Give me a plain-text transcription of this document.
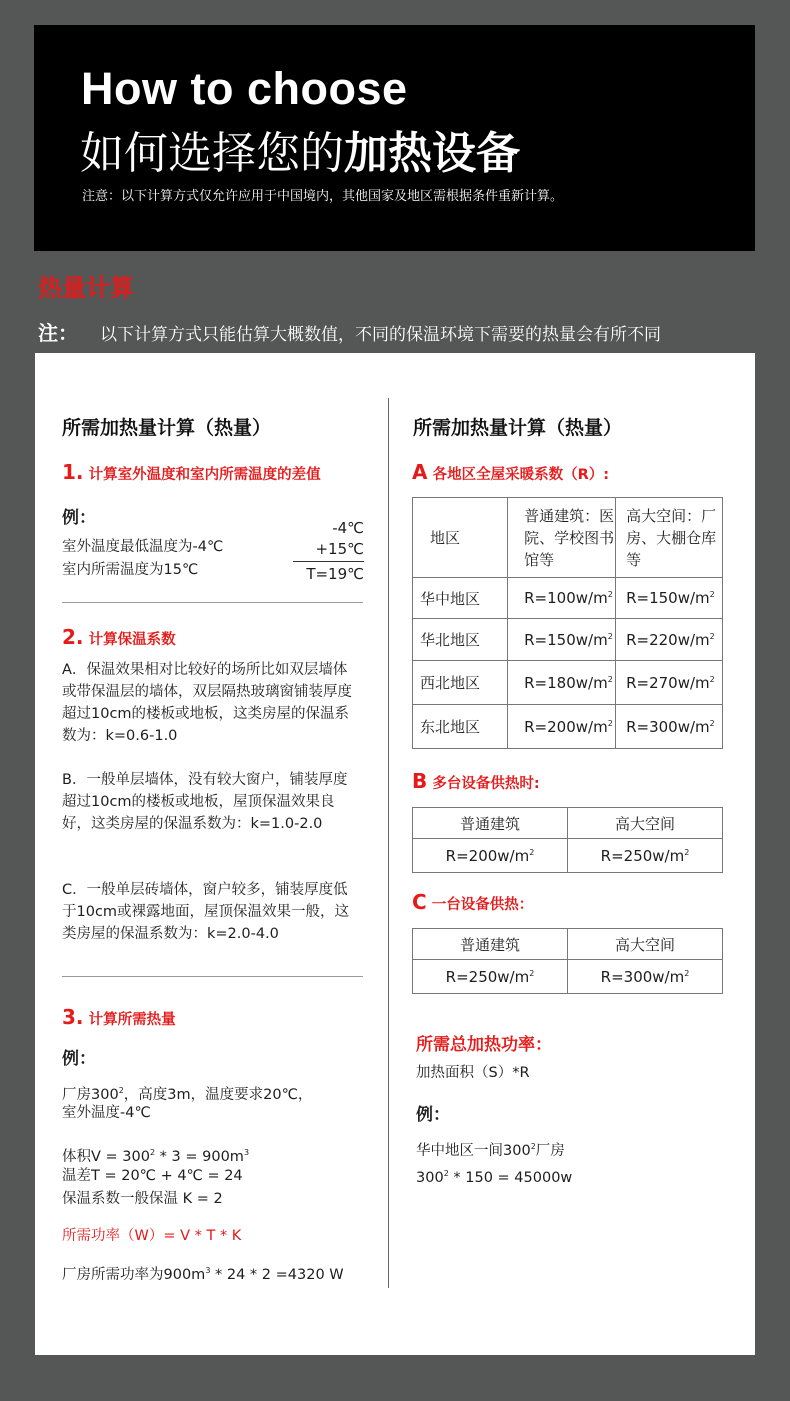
How to choose
如何选择您的加热设备
注意：以下计算方式仅允许应用于中国境内，其他国家及地区需根据条件重新计算。
热量计算
注： 以下计算方式只能估算大概数值，不同的保温环境下需要的热量会有所不同
所需加热量计算（热量）
1. 计算室外温度和室内所需温度的差值
例：
室外温度最低温度为-4℃
室内所需温度为15℃
-4℃
+15℃
T=19℃
2. 计算保温系数
A．保温效果相对比较好的场所比如双层墙体或带保温层的墙体，双层隔热玻璃窗铺装厚度超过10cm的楼板或地板，这类房屋的保温系数为：k=0.6-1.0
B．一般单层墙体，没有较大窗户，铺装厚度超过10cm的楼板或地板，屋顶保温效果良好，这类房屋的保温系数为：k=1.0-2.0
C．一般单层砖墙体，窗户较多，铺装厚度低于10cm或裸露地面，屋顶保温效果一般，这类房屋的保温系数为：k=2.0-4.0
3. 计算所需热量
例：
厂房$300^2$，高度3m，温度要求20℃，
室外温度-4℃
体积$V = 300^2 * 3 = 900m^3$
温差T = 20℃ + 4℃ = 24
保温系数一般保温 K = 2
所需功率（W）= V * T * K
厂房所需功率为$900m^3 * 24 * 2 =4320$ W
所需加热量计算（热量）
A 各地区全屋采暖系数（R）:
地区	普通建筑：医院、学校图书馆等	高大空间：厂房、大棚仓库等
华中地区	$R=100w/m^2$	$R=150w/m^2$
华北地区	$R=150w/m^2$	$R=220w/m^2$
西北地区	$R=180w/m^2$	$R=270w/m^2$
东北地区	$R=200w/m^2$	$R=300w/m^2$
B 多台设备供热时:
普通建筑	高大空间
$R=200w/m^2$	$R=250w/m^2$
C 一台设备供热：
普通建筑	高大空间
$R=250w/m^2$	$R=300w/m^2$
所需总加热功率：
加热面积（S）*R
例：
华中地区一间$300^2$厂房
$300^2 * 150 = 45000w$
